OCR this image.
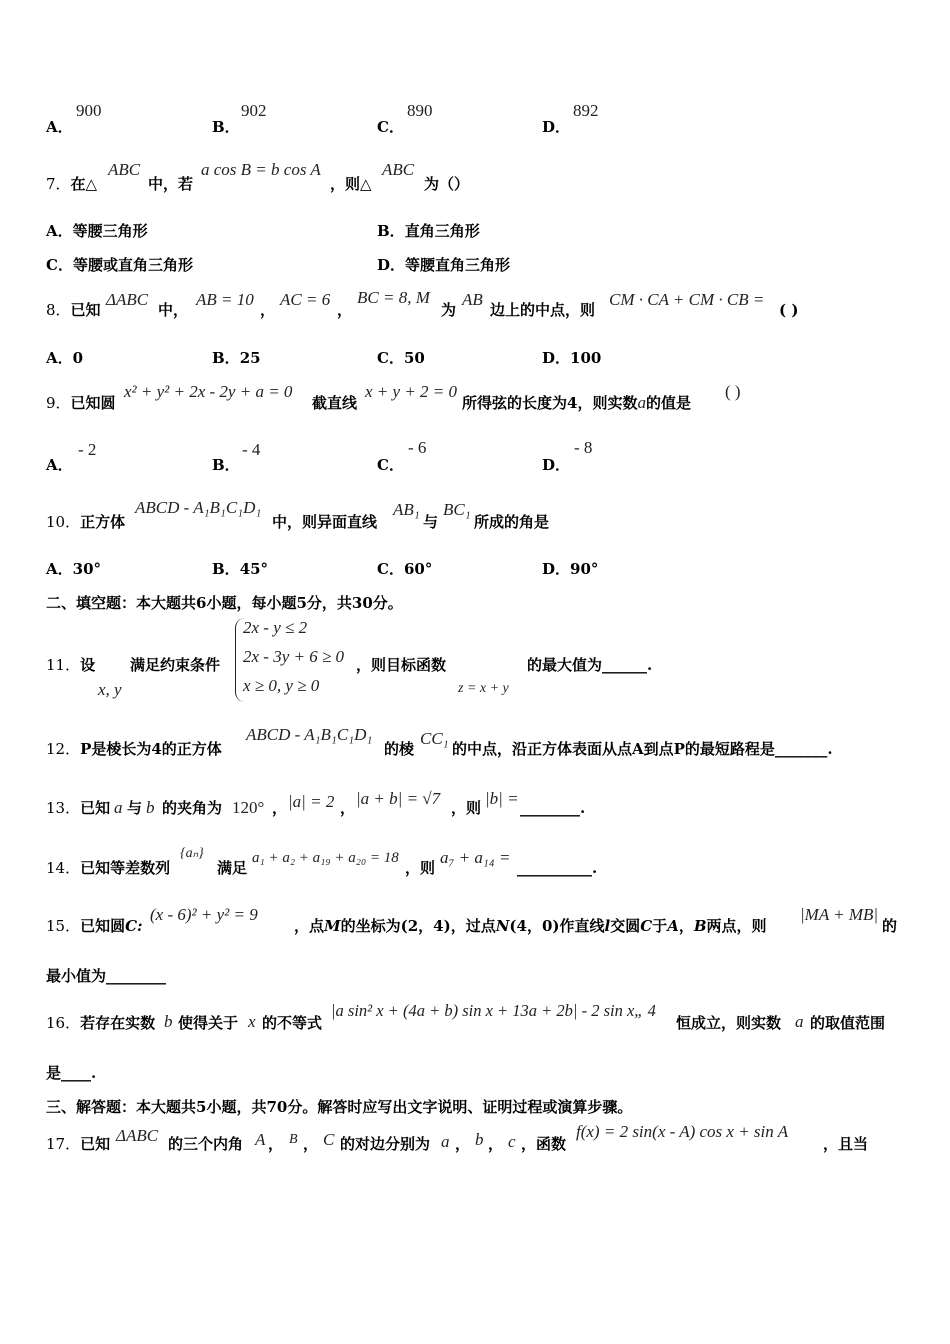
A．
900
B．
902
C．
890
D．
892
7．在△
ABC
中，若
a cos B = b cos A
，则△
ABC
为（）
A．等腰三角形	B．直角三角形
C．等腰或直角三角形	D．等腰直角三角形
8．已知
ΔABC
中，
AB = 10
，
AC = 6
，
BC = 8, M
为
AB
边上的中点，则
CM · CA + CM · CB =
( )
A．0	B．25	C．50	D．100
9．已知圆
x² + y² + 2x - 2y + a = 0
截直线
x + y + 2 = 0
所得弦的长度为4，则实数a的值是
( )
A．
- 2
B．
- 4
C．
- 6
D．
- 8
10．正方体
ABCD - A₁B₁C₁D₁
中，则异面直线
AB₁
与
BC₁
所成的角是
A．30°	B．45°	C．60°	D．90°
二、填空题：本大题共6小题，每小题5分，共30分。
11．设
x, y
满足约束条件
2x - y ≤ 2
2x - 3y + 6 ≥ 0
x ≥ 0, y ≥ 0
，则目标函数
z = x + y
的最大值为______.
12．P是棱长为4的正方体
ABCD - A₁B₁C₁D₁
的棱
CC₁
的中点，沿正方体表面从点A到点P的最短路程是_______.
13．已知 a 与 b 的夹角为 120° ， |a| = 2 ， |a + b| = √7 ，则 |b| = ________.
14．已知等差数列
{aₙ}
满足
a₁ + a₂ + a₁₉ + a₂₀ = 18
，则
a₇ + a₁₄ =
__________.
15．已知圆C:
(x - 6)² + y² = 9
，点M的坐标为(2，4)，过点N(4，0)作直线l交圆C于A，B两点，则
|MA + MB|
的
最小值为________
16．若存在实数 b 使得关于 x 的不等式
|a sin² x + (4a + b) sin x + 13a + 2b| - 2 sin x„ 4
恒成立，则实数 a 的取值范围
是____.
三、解答题：本大题共5小题，共70分。解答时应写出文字说明、证明过程或演算步骤。
17．已知 ΔABC 的三个内角 A ， B ， C 的对边分别为 a ， b ， c ，函数
f(x) = 2 sin(x - A) cos x + sin A
，且当
